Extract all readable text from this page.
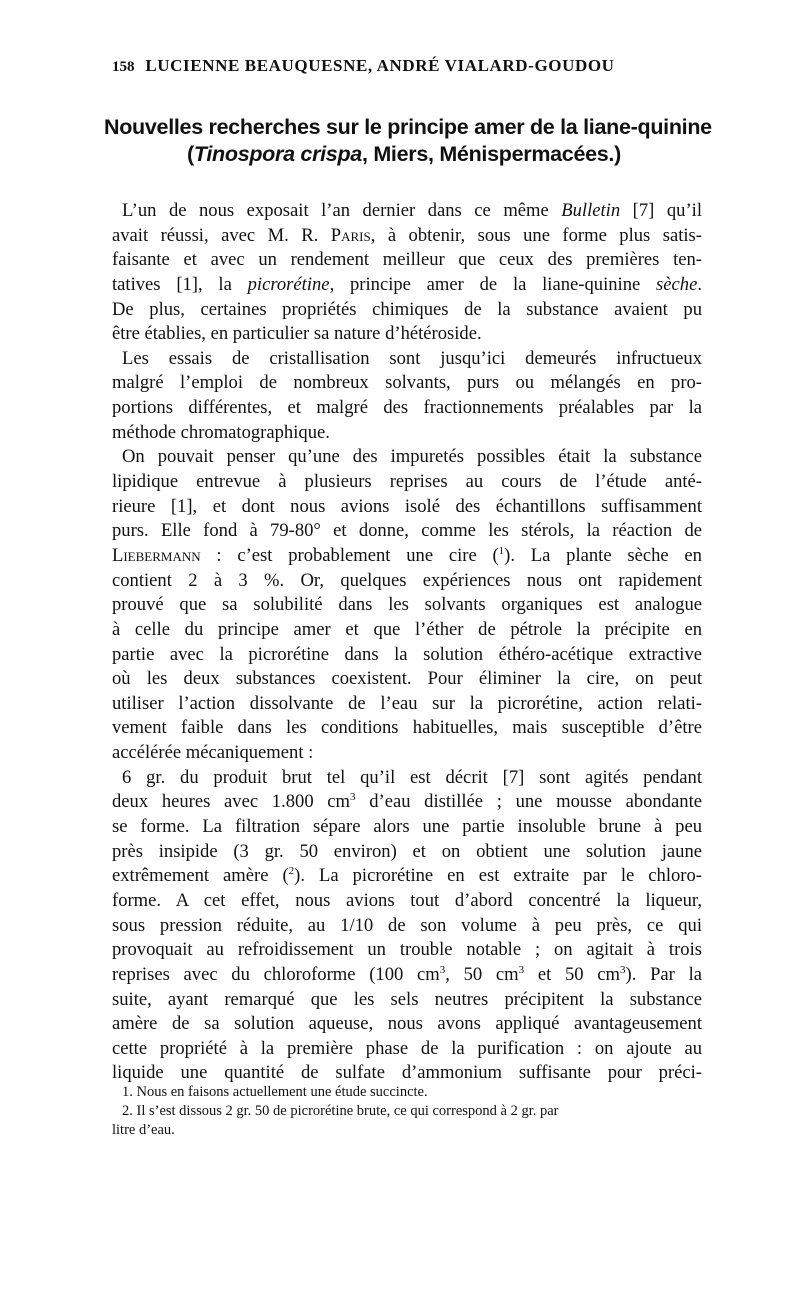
158 LUCIENNE BEAUQUESNE, ANDRÉ VIALARD-GOUDOU
Nouvelles recherches sur le principe amer de la liane-quinine
(Tinospora crispa, Miers, Ménispermacées.)
L’un de nous exposait l’an dernier dans ce même Bulletin [7] qu’il
avait réussi, avec M. R. Paris, à obtenir, sous une forme plus satis-
faisante et avec un rendement meilleur que ceux des premières ten-
tatives [1], la picrorétine, principe amer de la liane-quinine sèche.
De plus, certaines propriétés chimiques de la substance avaient pu
être établies, en particulier sa nature d’hétéroside.
Les essais de cristallisation sont jusqu’ici demeurés infructueux
malgré l’emploi de nombreux solvants, purs ou mélangés en pro-
portions différentes, et malgré des fractionnements préalables par la
méthode chromatographique.
On pouvait penser qu’une des impuretés possibles était la substance
lipidique entrevue à plusieurs reprises au cours de l’étude anté-
rieure [1], et dont nous avions isolé des échantillons suffisamment
purs. Elle fond à 79-80° et donne, comme les stérols, la réaction de
Liebermann : c’est probablement une cire ($^1$). La plante sèche en
contient 2 à 3 %. Or, quelques expériences nous ont rapidement
prouvé que sa solubilité dans les solvants organiques est analogue
à celle du principe amer et que l’éther de pétrole la précipite en
partie avec la picrorétine dans la solution éthéro-acétique extractive
où les deux substances coexistent. Pour éliminer la cire, on peut
utiliser l’action dissolvante de l’eau sur la picrorétine, action relati-
vement faible dans les conditions habituelles, mais susceptible d’être
accélérée mécaniquement :
6 gr. du produit brut tel qu’il est décrit [7] sont agités pendant
deux heures avec 1.800 $cm^3$ d’eau distillée ; une mousse abondante
se forme. La filtration sépare alors une partie insoluble brune à peu
près insipide (3 gr. 50 environ) et on obtient une solution jaune
extrêmement amère ($^2$). La picrorétine en est extraite par le chloro-
forme. A cet effet, nous avions tout d’abord concentré la liqueur,
sous pression réduite, au 1/10 de son volume à peu près, ce qui
provoquait au refroidissement un trouble notable ; on agitait à trois
reprises avec du chloroforme (100 $cm^3$, 50 $cm^3$ et 50 $cm^3$). Par la
suite, ayant remarqué que les sels neutres précipitent la substance
amère de sa solution aqueuse, nous avons appliqué avantageusement
cette propriété à la première phase de la purification : on ajoute au
liquide une quantité de sulfate d’ammonium suffisante pour préci-
1. Nous en faisons actuellement une étude succincte.
2. Il s’est dissous 2 gr. 50 de picrorétine brute, ce qui correspond à 2 gr. par
litre d’eau.
